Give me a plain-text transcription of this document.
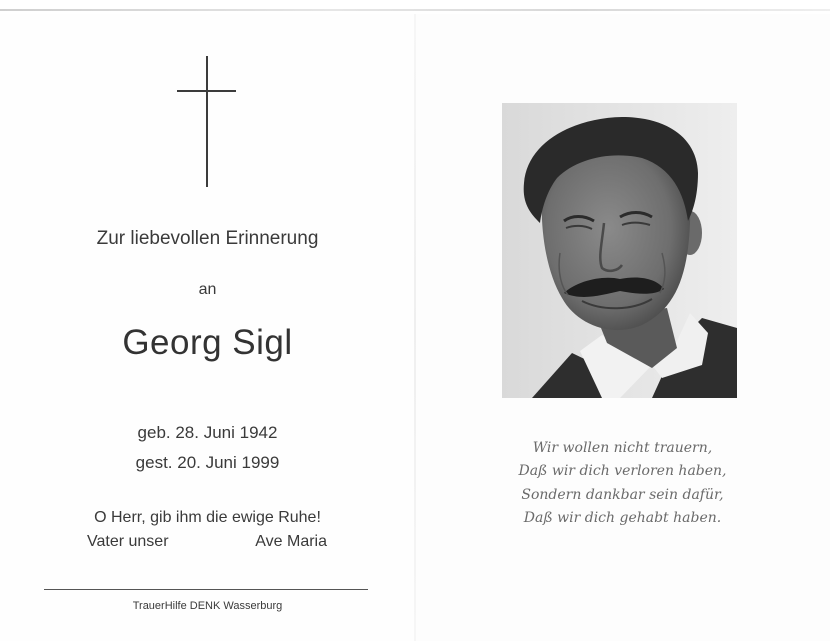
Zur liebevollen Erinnerung
an
Georg Sigl
geb. 28. Juni 1942
gest. 20. Juni 1999
O Herr, gib ihm die ewige Ruhe!
Vater unser	Ave Maria
TrauerHilfe DENK Wasserburg
Wir wollen nicht trauern,
Daß wir dich verloren haben,
Sondern dankbar sein dafür,
Daß wir dich gehabt haben.
